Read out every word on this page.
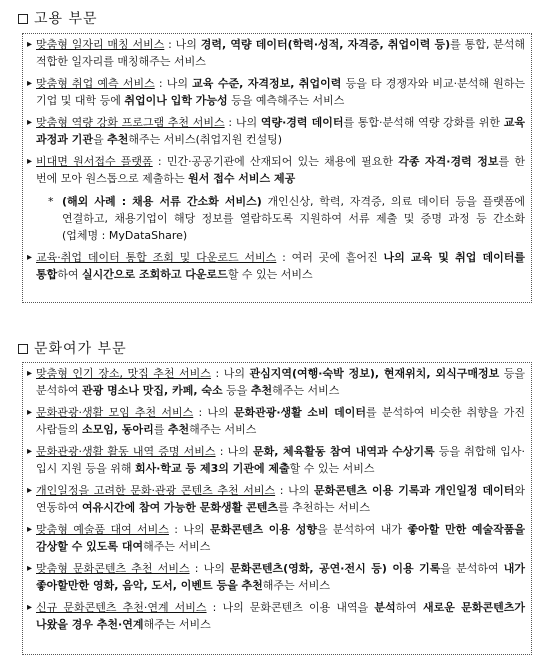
고용 부문
▸ 맞춤형 일자리 매칭 서비스 : 나의 경력, 역량 데이터(학력·성적, 자격증, 취업이력 등)를 통합, 분석해 적합한 일자리를 매칭해주는 서비스
▸ 맞춤형 취업 예측 서비스 : 나의 교육 수준, 자격정보, 취업이력 등을 타 경쟁자와 비교·분석해 원하는 기업 및 대학 등에 취업이나 입학 가능성 등을 예측해주는 서비스
▸ 맞춤형 역량 강화 프로그램 추천 서비스 : 나의 역량·경력 데이터를 통합·분석해 역량 강화를 위한 교육 과정과 기관을 추천해주는 서비스(취업지원 컨설팅)
▸ 비대면 원서접수 플랫폼 : 민간·공공기관에 산재되어 있는 채용에 필요한 각종 자격·경력 정보를 한 번에 모아 원스톱으로 제출하는 원서 접수 서비스 제공
* (해외 사례 : 채용 서류 간소화 서비스) 개인신상, 학력, 자격증, 의료 데이터 등을 플랫폼에 연결하고, 채용기업이 해당 정보를 열람하도록 지원하여 서류 제출 및 증명 과정 등 간소화 (업체명 : MyDataShare)
▸ 교육·취업 데이터 통합 조회 및 다운로드 서비스 : 여러 곳에 흩어진 나의 교육 및 취업 데이터를 통합하여 실시간으로 조회하고 다운로드할 수 있는 서비스
문화여가 부문
▸ 맞춤형 인기 장소, 맛집 추천 서비스 : 나의 관심지역(여행·숙박 정보), 현재위치, 외식구매정보 등을 분석하여 관광 명소나 맛집, 카페, 숙소 등을 추천해주는 서비스
▸ 문화관광·생활 모임 추천 서비스 : 나의 문화관광·생활 소비 데이터를 분석하여 비슷한 취향을 가진 사람들의 소모임, 동아리를 추천해주는 서비스
▸ 문화관광·생활 활동 내역 증명 서비스 : 나의 문화, 체육활동 참여 내역과 수상기록 등을 취합해 입사·입시 지원 등을 위해 회사·학교 등 제3의 기관에 제출할 수 있는 서비스
▸ 개인일정을 고려한 문화·관광 콘텐츠 추천 서비스 : 나의 문화콘텐츠 이용 기록과 개인일정 데이터와 연동하여 여유시간에 참여 가능한 문화생활 콘텐츠를 추천하는 서비스
▸ 맞춤형 예술품 대여 서비스 : 나의 문화콘텐츠 이용 성향을 분석하여 내가 좋아할 만한 예술작품을 감상할 수 있도록 대여해주는 서비스
▸ 맞춤형 문화콘텐츠 추천 서비스 : 나의 문화콘텐츠(영화, 공연·전시 등) 이용 기록을 분석하여 내가 좋아할만한 영화, 음악, 도서, 이벤트 등을 추천해주는 서비스
▸ 신규 문화콘텐츠 추천·연계 서비스 : 나의 문화콘텐츠 이용 내역을 분석하여 새로운 문화콘텐츠가 나왔을 경우 추천·연계해주는 서비스
